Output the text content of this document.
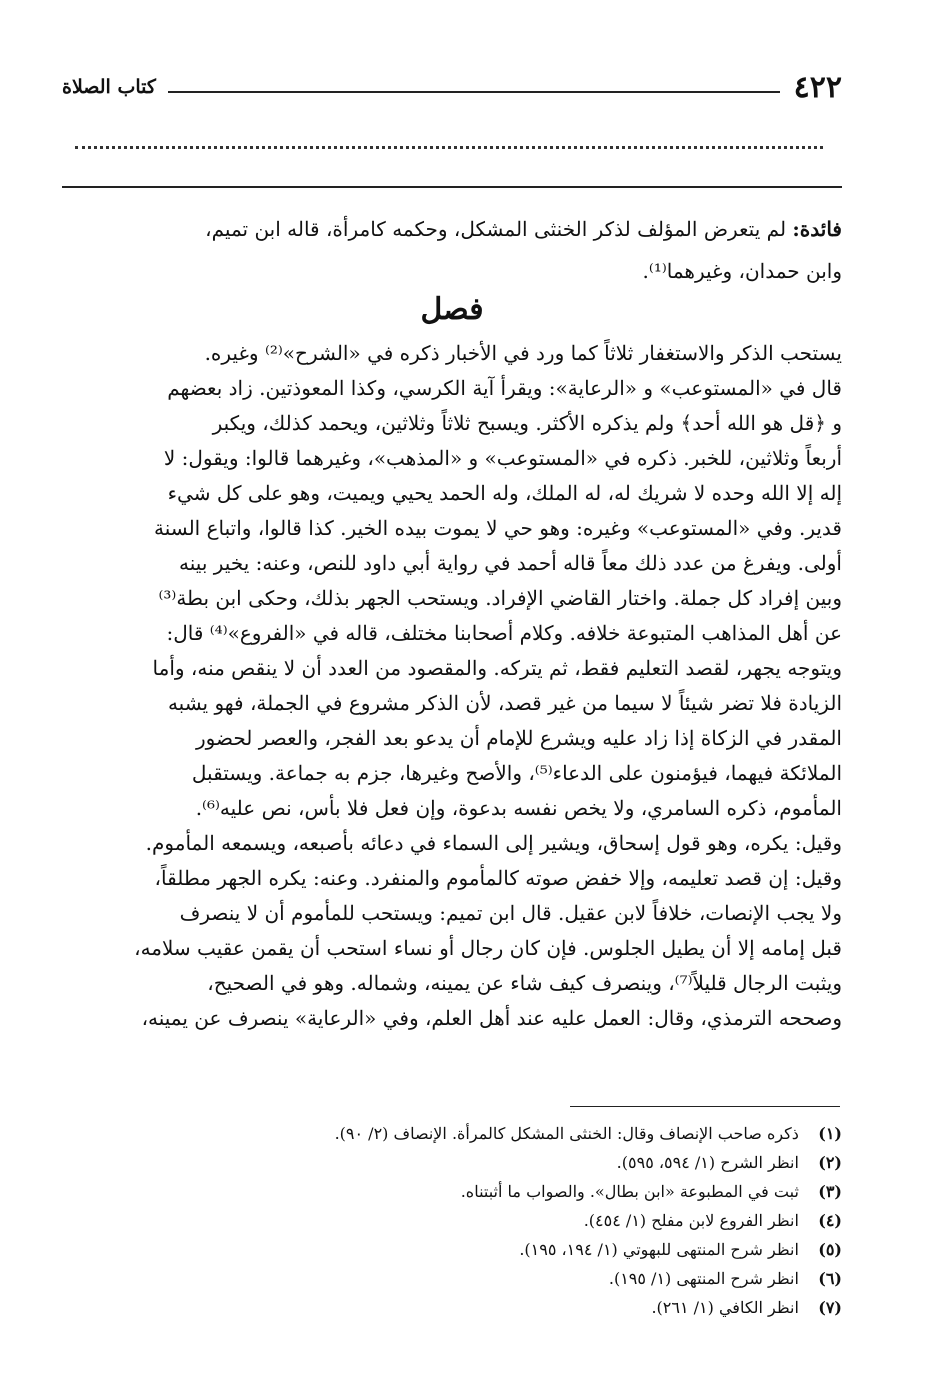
٤٢٢
كتاب الصلاة
فائدة: لم يتعرض المؤلف لذكر الخنثى المشكل، وحكمه كامرأة، قاله ابن تميم،
وابن حمدان، وغيرهما⁽¹⁾.
فصل
يستحب الذكر والاستغفار ثلاثاً كما ورد في الأخبار ذكره في «الشرح»⁽²⁾ وغيره.
قال في «المستوعب» و «الرعاية»: ويقرأ آية الكرسي، وكذا المعوذتين. زاد بعضهم
و ﴿قل هو الله أحد﴾ ولم يذكره الأكثر. ويسبح ثلاثاً وثلاثين، ويحمد كذلك، ويكبر
أربعاً وثلاثين، للخبر. ذكره في «المستوعب» و «المذهب»، وغيرهما قالوا: ويقول: لا
إله إلا الله وحده لا شريك له، له الملك، وله الحمد يحيي ويميت، وهو على كل شيء
قدير. وفي «المستوعب» وغيره: وهو حي لا يموت بيده الخير. كذا قالوا، واتباع السنة
أولى. ويفرغ من عدد ذلك معاً قاله أحمد في رواية أبي داود للنص، وعنه: يخير بينه
وبين إفراد كل جملة. واختار القاضي الإفراد. ويستحب الجهر بذلك، وحكى ابن بطة⁽³⁾
عن أهل المذاهب المتبوعة خلافه. وكلام أصحابنا مختلف، قاله في «الفروع»⁽⁴⁾ قال:
ويتوجه يجهر، لقصد التعليم فقط، ثم يتركه. والمقصود من العدد أن لا ينقص منه، وأما
الزيادة فلا تضر شيئاً لا سيما من غير قصد، لأن الذكر مشروع في الجملة، فهو يشبه
المقدر في الزكاة إذا زاد عليه ويشرع للإمام أن يدعو بعد الفجر، والعصر لحضور
الملائكة فيهما، فيؤمنون على الدعاء⁽⁵⁾، والأصح وغيرها، جزم به جماعة. ويستقبل
المأموم، ذكره السامري، ولا يخص نفسه بدعوة، وإن فعل فلا بأس، نص عليه⁽⁶⁾.
وقيل: يكره، وهو قول إسحاق، ويشير إلى السماء في دعائه بأصبعه، ويسمعه المأموم.
وقيل: إن قصد تعليمه، وإلا خفض صوته كالمأموم والمنفرد. وعنه: يكره الجهر مطلقاً،
ولا يجب الإنصات، خلافاً لابن عقيل. قال ابن تميم: ويستحب للمأموم أن لا ينصرف
قبل إمامه إلا أن يطيل الجلوس. فإن كان رجال أو نساء استحب أن يقمن عقيب سلامه،
ويثبت الرجال قليلاً⁽⁷⁾، وينصرف كيف شاء عن يمينه، وشماله. وهو في الصحيح،
وصححه الترمذي، وقال: العمل عليه عند أهل العلم، وفي «الرعاية» ينصرف عن يمينه،
(١) ذكره صاحب الإنصاف وقال: الخنثى المشكل كالمرأة. الإنصاف (٢/ ٩٠).
(٢) انظر الشرح (١/ ٥٩٤، ٥٩٥).
(٣) ثبت في المطبوعة «ابن بطال». والصواب ما أثبتناه.
(٤) انظر الفروع لابن مفلح (١/ ٤٥٤).
(٥) انظر شرح المنتهى للبهوتي (١/ ١٩٤، ١٩٥).
(٦) انظر شرح المنتهى (١/ ١٩٥).
(٧) انظر الكافي (١/ ٢٦١).
